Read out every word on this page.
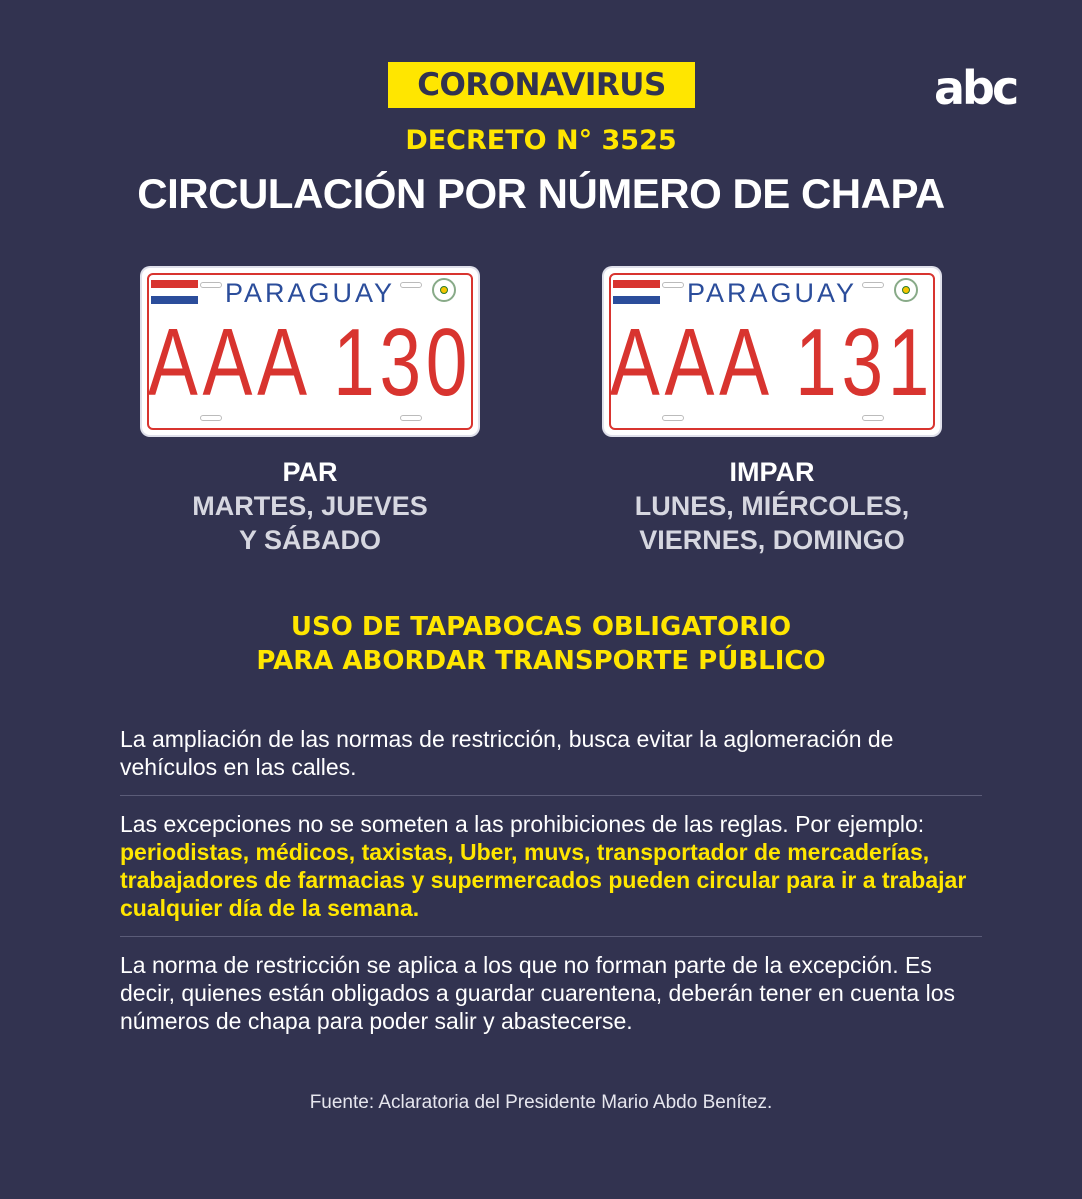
CORONAVIRUS	abc
DECRETO N° 3525
CIRCULACIÓN POR NÚMERO DE CHAPA
PARAGUAY
AAA 130
PARAGUAY
AAA 131
PAR
MARTES, JUEVES
Y SÁBADO
IMPAR
LUNES, MIÉRCOLES,
VIERNES, DOMINGO
USO DE TAPABOCAS OBLIGATORIO
PARA ABORDAR TRANSPORTE PÚBLICO
La ampliación de las normas de restricción, busca evitar la aglomeración de vehículos en las calles.
Las excepciones no se someten a las prohibiciones de las reglas. Por ejemplo: periodistas, médicos, taxistas, Uber, muvs, transportador de mercaderías, trabajadores de farmacias y supermercados pueden circular para ir a trabajar cualquier día de la semana.
La norma de restricción se aplica a los que no forman parte de la excepción. Es decir, quienes están obligados a guardar cuarentena, deberán tener en cuenta los números de chapa para poder salir y abastecerse.
Fuente: Aclaratoria del Presidente Mario Abdo Benítez.
